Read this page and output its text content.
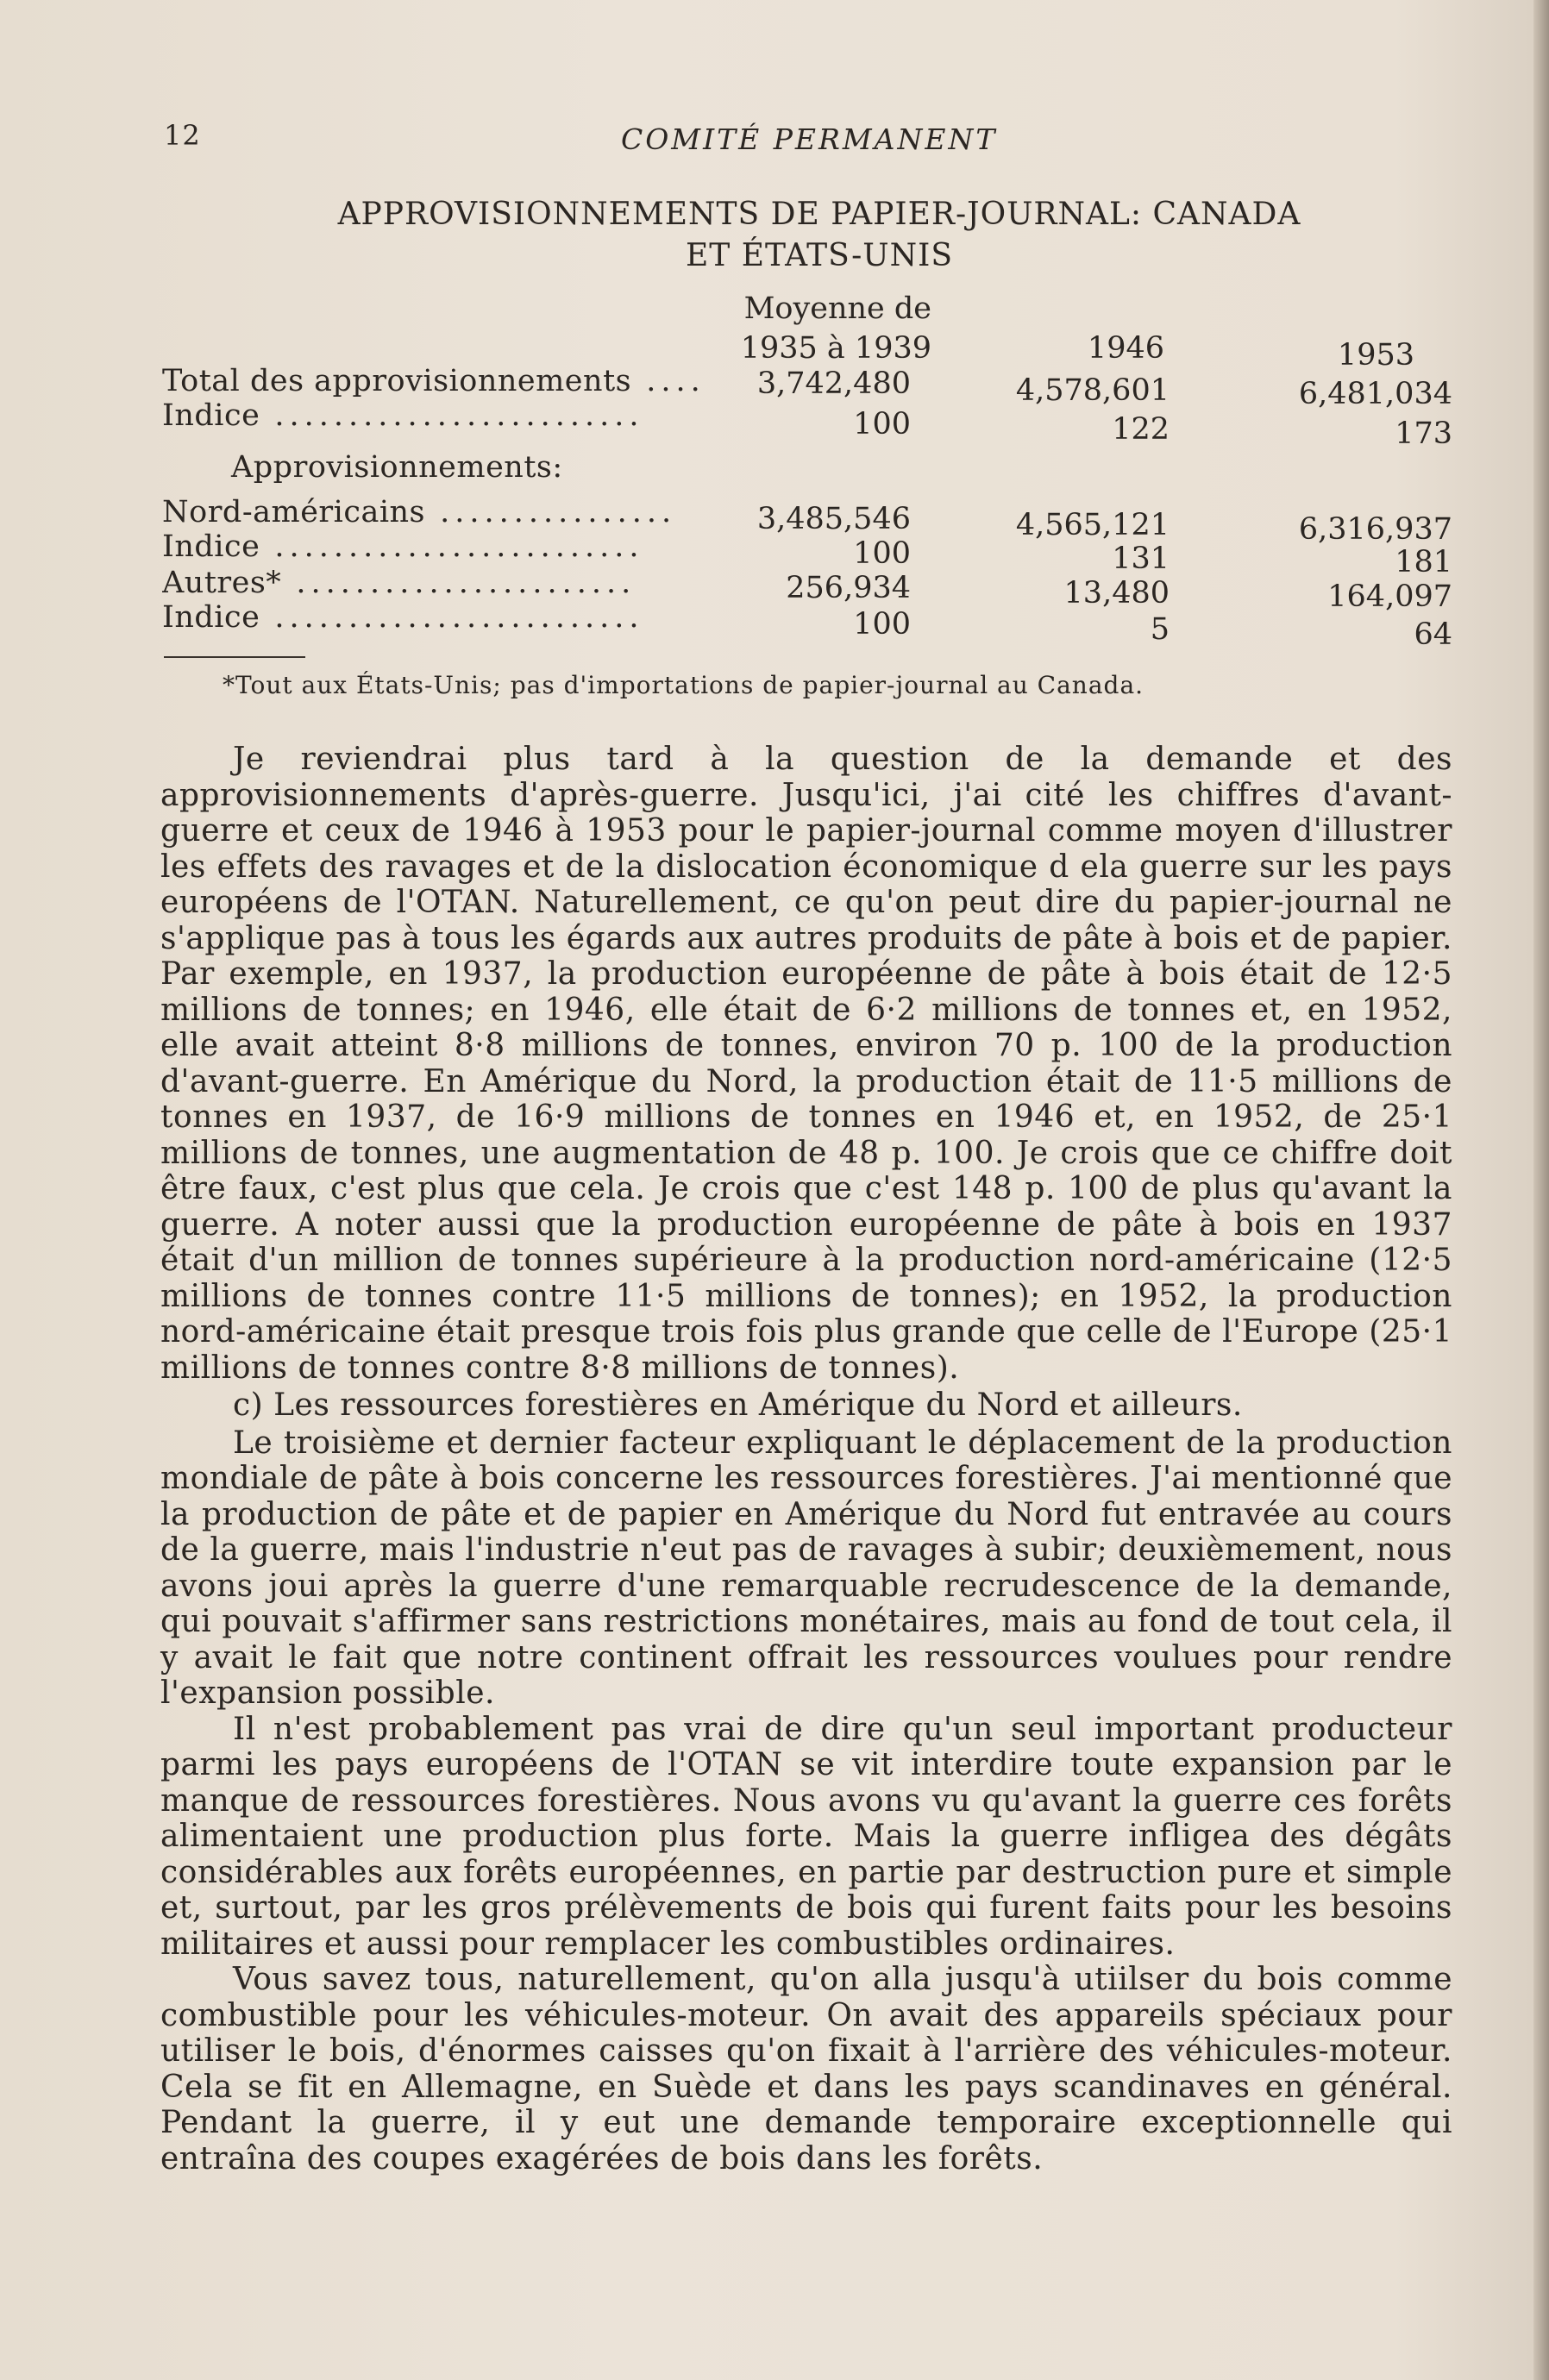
12	COMITÉ PERMANENT
APPROVISIONNEMENTS DE PAPIER-JOURNAL: CANADA
ET ÉTATS-UNIS
Moyenne de
1935 à 1939	1946	1953
Total des approvisionnements ....	3,742,480	4,578,601	6,481,034
Indice .........................	100	122	173
Approvisionnements:
Nord-américains ................	3,485,546	4,565,121	6,316,937
Indice .........................	100	131	181
Autres* .......................	256,934	13,480	164,097
Indice .........................	100	5	64
*Tout aux États-Unis; pas d'importations de papier-journal au Canada.

Je reviendrai plus tard à la question de la demande et des approvisionnements d'après-guerre. Jusqu'ici, j'ai cité les chiffres d'avant-guerre et ceux de 1946 à 1953 pour le papier-journal comme moyen d'illustrer les effets des ravages et de la dislocation économique d ela guerre sur les pays européens de l'OTAN. Naturellement, ce qu'on peut dire du papier-journal ne s'applique pas à tous les égards aux autres produits de pâte à bois et de papier. Par exemple, en 1937, la production européenne de pâte à bois était de 12·5 millions de tonnes; en 1946, elle était de 6·2 millions de tonnes et, en 1952, elle avait atteint 8·8 millions de tonnes, environ 70 p. 100 de la production d'avant-guerre. En Amérique du Nord, la production était de 11·5 millions de tonnes en 1937, de 16·9 millions de tonnes en 1946 et, en 1952, de 25·1 millions de tonnes, une augmentation de 48 p. 100. Je crois que ce chiffre doit être faux, c'est plus que cela. Je crois que c'est 148 p. 100 de plus qu'avant la guerre. A noter aussi que la production européenne de pâte à bois en 1937 était d'un million de tonnes supérieure à la production nord-américaine (12·5 millions de tonnes contre 11·5 millions de tonnes); en 1952, la production nord-américaine était presque trois fois plus grande que celle de l'Europe (25·1 millions de tonnes contre 8·8 millions de tonnes).

c) Les ressources forestières en Amérique du Nord et ailleurs.

Le troisième et dernier facteur expliquant le déplacement de la production mondiale de pâte à bois concerne les ressources forestières. J'ai mentionné que la production de pâte et de papier en Amérique du Nord fut entravée au cours de la guerre, mais l'industrie n'eut pas de ravages à subir; deuxièmement, nous avons joui après la guerre d'une remarquable recrudescence de la demande, qui pouvait s'affirmer sans restrictions monétaires, mais au fond de tout cela, il y avait le fait que notre continent offrait les ressources voulues pour rendre l'expansion possible.

Il n'est probablement pas vrai de dire qu'un seul important producteur parmi les pays européens de l'OTAN se vit interdire toute expansion par le manque de ressources forestières. Nous avons vu qu'avant la guerre ces forêts alimentaient une production plus forte. Mais la guerre infligea des dégâts considérables aux forêts européennes, en partie par destruction pure et simple et, surtout, par les gros prélèvements de bois qui furent faits pour les besoins militaires et aussi pour remplacer les combustibles ordinaires.

Vous savez tous, naturellement, qu'on alla jusqu'à utiilser du bois comme combustible pour les véhicules-moteur. On avait des appareils spéciaux pour utiliser le bois, d'énormes caisses qu'on fixait à l'arrière des véhicules-moteur. Cela se fit en Allemagne, en Suède et dans les pays scandinaves en général. Pendant la guerre, il y eut une demande temporaire exceptionnelle qui entraîna des coupes exagérées de bois dans les forêts.
